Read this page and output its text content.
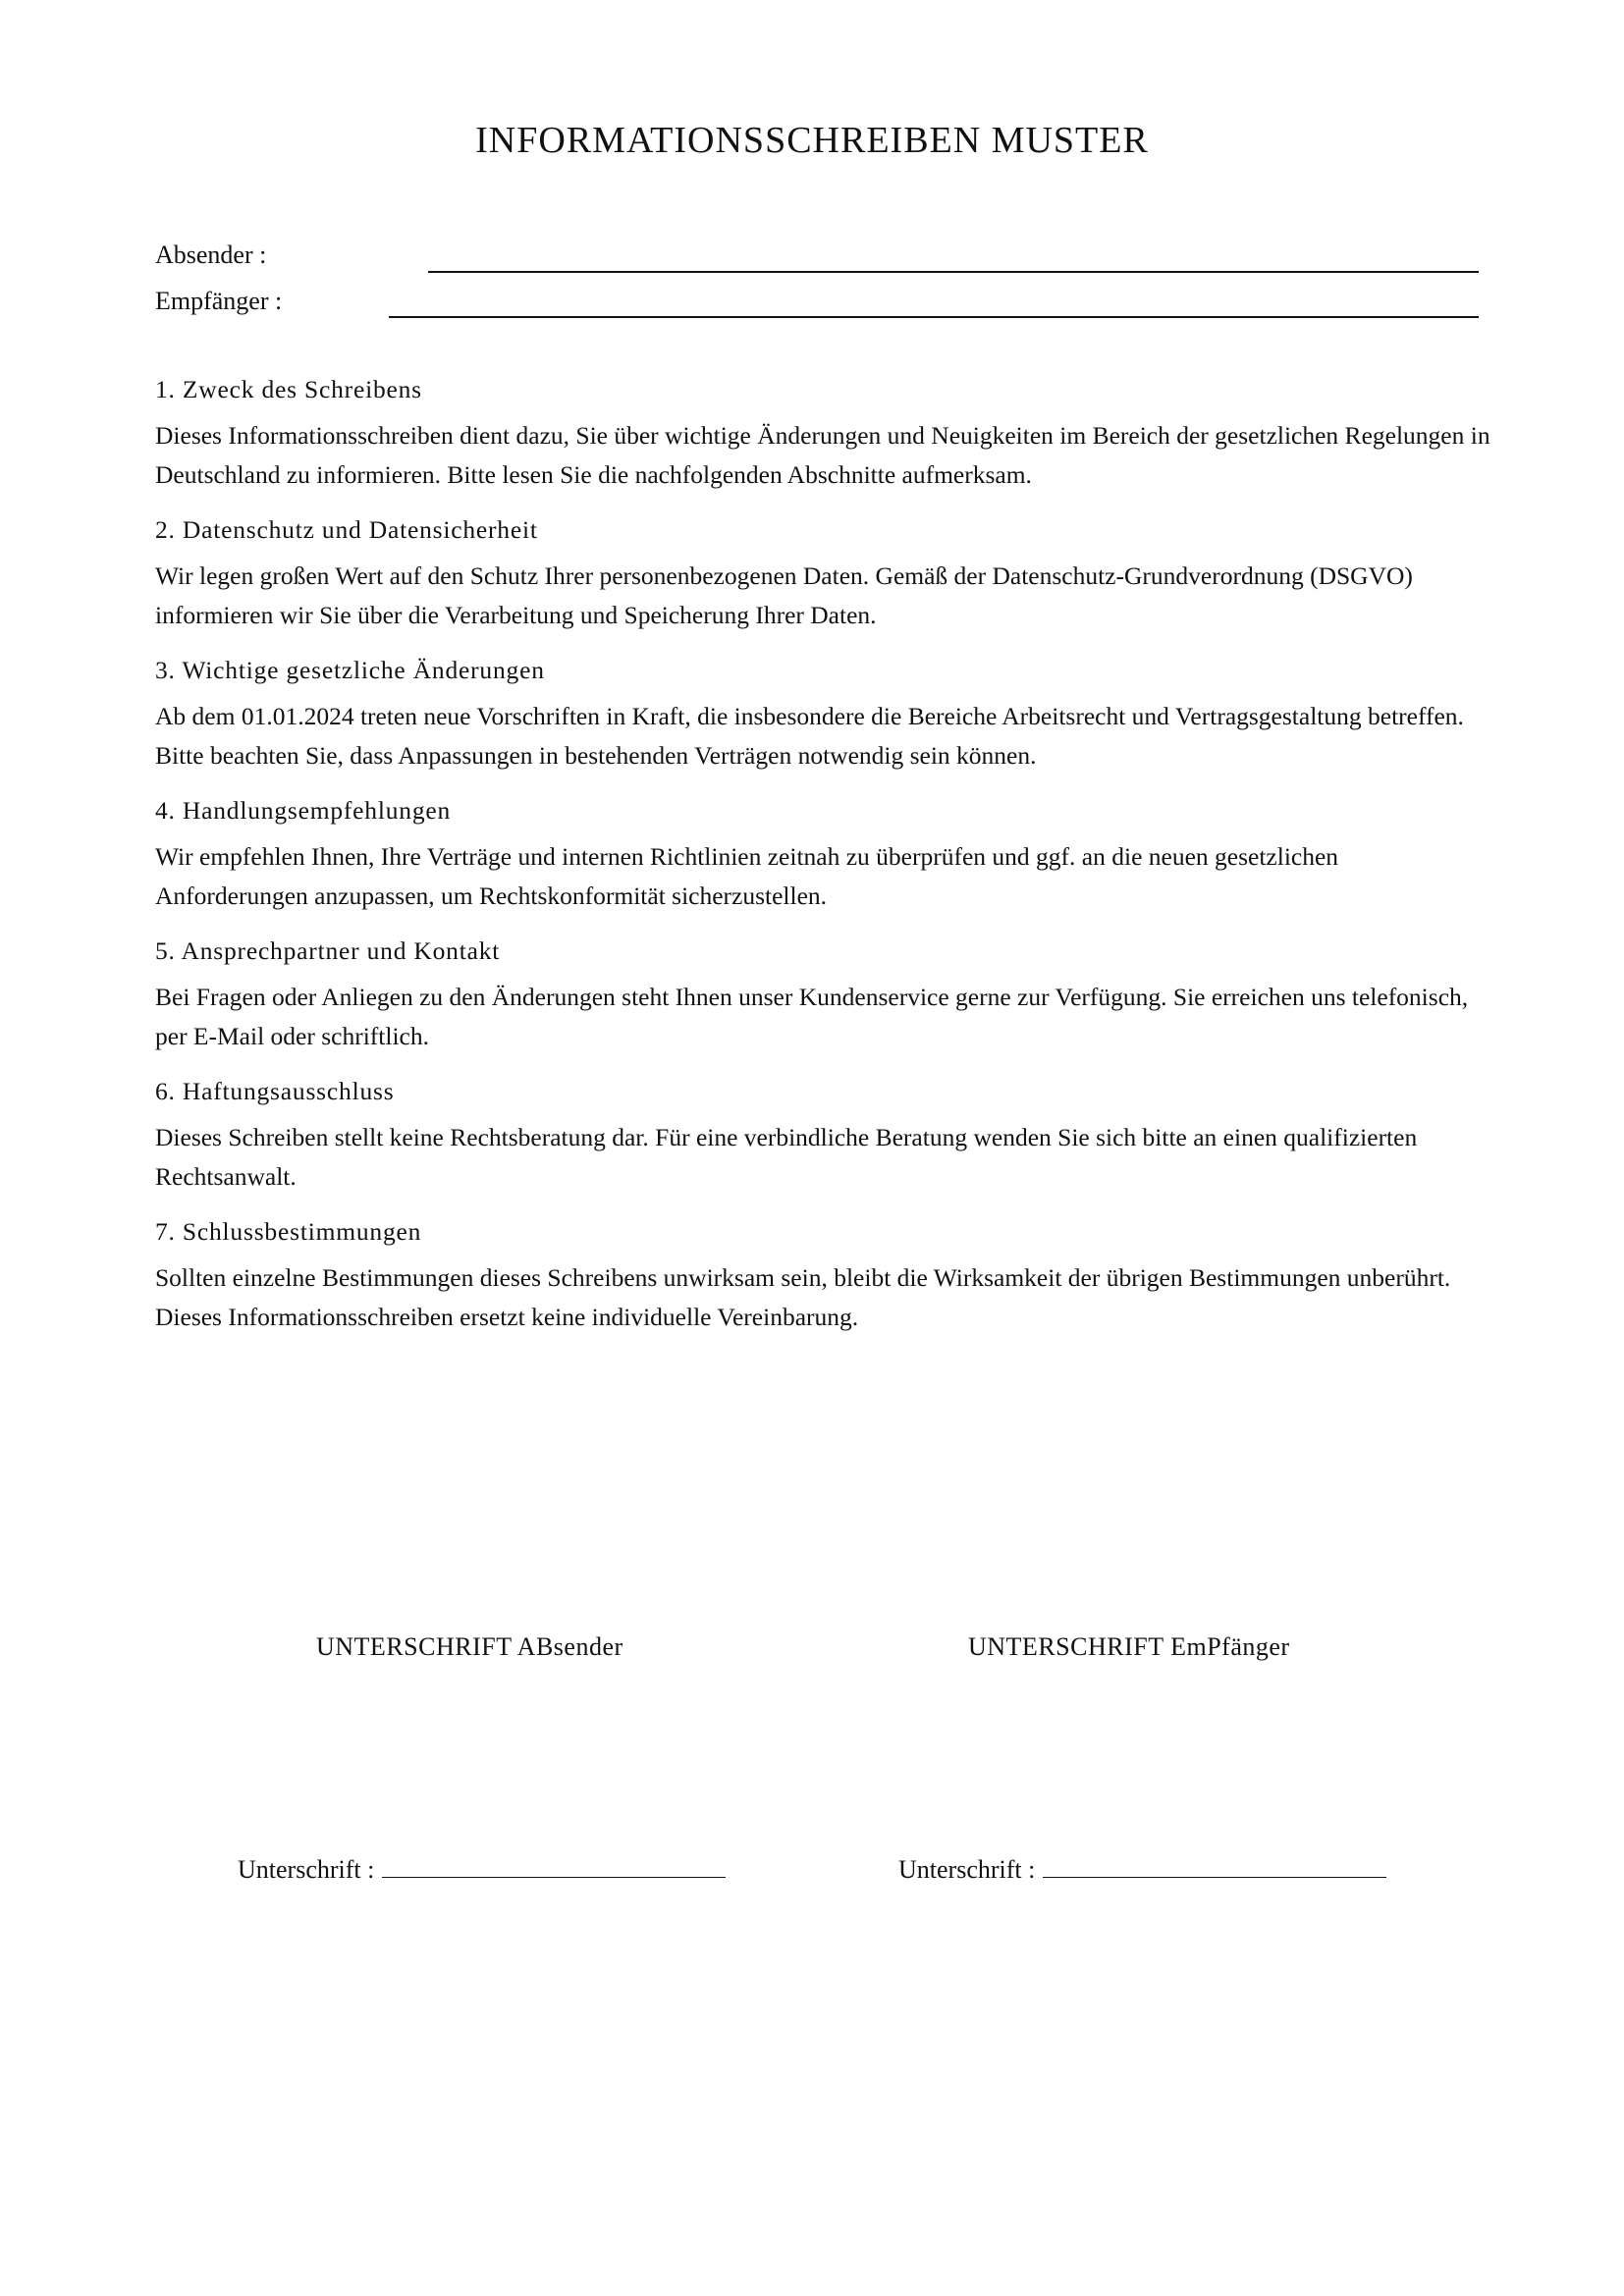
INFORMATIONSSCHREIBEN MUSTER
Absender :
Empfänger :

1. Zweck des Schreibens

Dieses Informationsschreiben dient dazu, Sie über wichtige Änderungen und Neuigkeiten im Bereich der gesetzlichen Regelungen in Deutschland zu informieren. Bitte lesen Sie die nachfolgenden Abschnitte aufmerksam.

2. Datenschutz und Datensicherheit

Wir legen großen Wert auf den Schutz Ihrer personenbezogenen Daten. Gemäß der Datenschutz-Grundverordnung (DSGVO) informieren wir Sie über die Verarbeitung und Speicherung Ihrer Daten.

3. Wichtige gesetzliche Änderungen

Ab dem 01.01.2024 treten neue Vorschriften in Kraft, die insbesondere die Bereiche Arbeitsrecht und Vertragsgestaltung betreffen. Bitte beachten Sie, dass Anpassungen in bestehenden Verträgen notwendig sein können.

4. Handlungsempfehlungen

Wir empfehlen Ihnen, Ihre Verträge und internen Richtlinien zeitnah zu überprüfen und ggf. an die neuen gesetzlichen Anforderungen anzupassen, um Rechtskonformität sicherzustellen.

5. Ansprechpartner und Kontakt

Bei Fragen oder Anliegen zu den Änderungen steht Ihnen unser Kundenservice gerne zur Verfügung. Sie erreichen uns telefonisch, per E-Mail oder schriftlich.

6. Haftungsausschluss

Dieses Schreiben stellt keine Rechtsberatung dar. Für eine verbindliche Beratung wenden Sie sich bitte an einen qualifizierten Rechtsanwalt.

7. Schlussbestimmungen

Sollten einzelne Bestimmungen dieses Schreibens unwirksam sein, bleibt die Wirksamkeit der übrigen Bestimmungen unberührt. Dieses Informationsschreiben ersetzt keine individuelle Vereinbarung.

UNTERSCHRIFT ABsender	UNTERSCHRIFT EmPfänger
Unterschrift :	Unterschrift :
